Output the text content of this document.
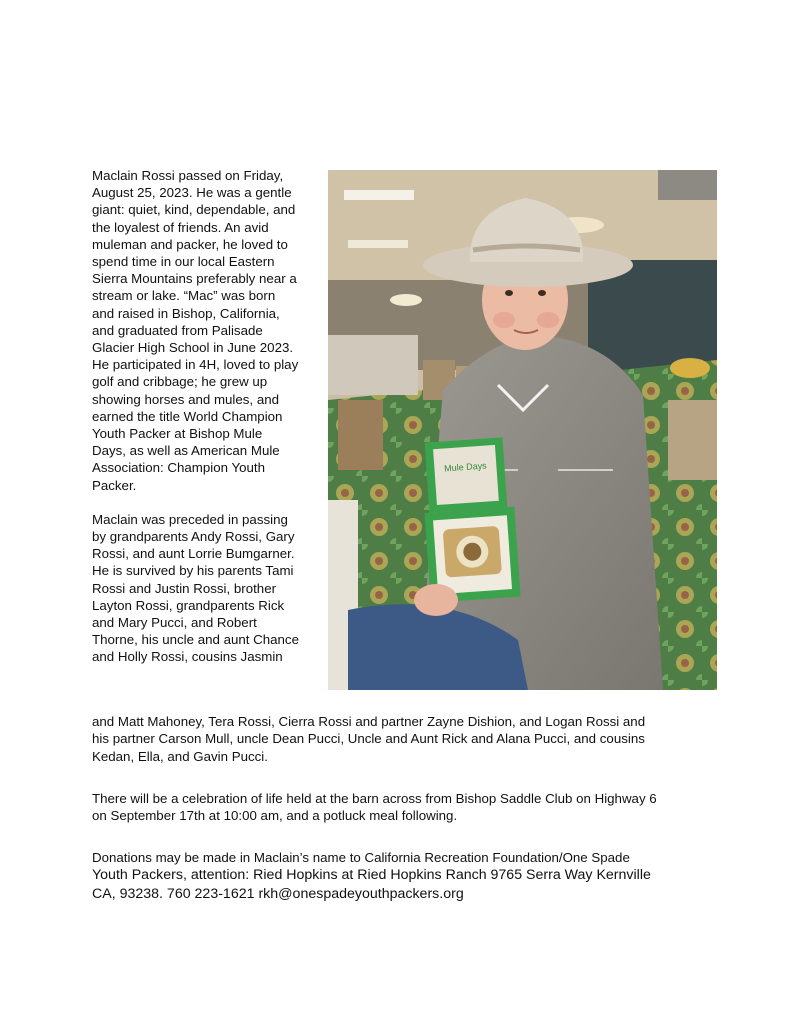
Maclain Rossi passed on Friday,
August 25, 2023. He was a gentle
giant: quiet, kind, dependable, and
the loyalest of friends. An avid
muleman and packer, he loved to
spend time in our local Eastern
Sierra Mountains preferably near a
stream or lake. “Mac” was born
and raised in Bishop, California,
and graduated from Palisade
Glacier High School in June 2023.
He participated in 4H, loved to play
golf and cribbage; he grew up
showing horses and mules, and
earned the title World Champion
Youth Packer at Bishop Mule
Days, as well as American Mule
Association: Champion Youth
Packer.
Maclain was preceded in passing
by grandparents Andy Rossi, Gary
Rossi, and aunt Lorrie Bumgarner.
He is survived by his parents Tami
Rossi and Justin Rossi, brother
Layton Rossi, grandparents Rick
and Mary Pucci, and Robert
Thorne, his uncle and aunt Chance
and Holly Rossi, cousins Jasmin
Mule Days
and Matt Mahoney, Tera Rossi, Cierra Rossi and partner Zayne Dishion, and Logan Rossi and
his partner Carson Mull, uncle Dean Pucci, Uncle and Aunt Rick and Alana Pucci, and cousins
Kedan, Ella, and Gavin Pucci.
There will be a celebration of life held at the barn across from Bishop Saddle Club on Highway 6
on September 17th at 10:00 am, and a potluck meal following.
Donations may be made in Maclain’s name to California Recreation Foundation/One Spade
Youth Packers, attention: Ried Hopkins at Ried Hopkins Ranch 9765 Serra Way Kernville
CA, 93238. 760 223-1621 rkh@onespadeyouthpackers.org
